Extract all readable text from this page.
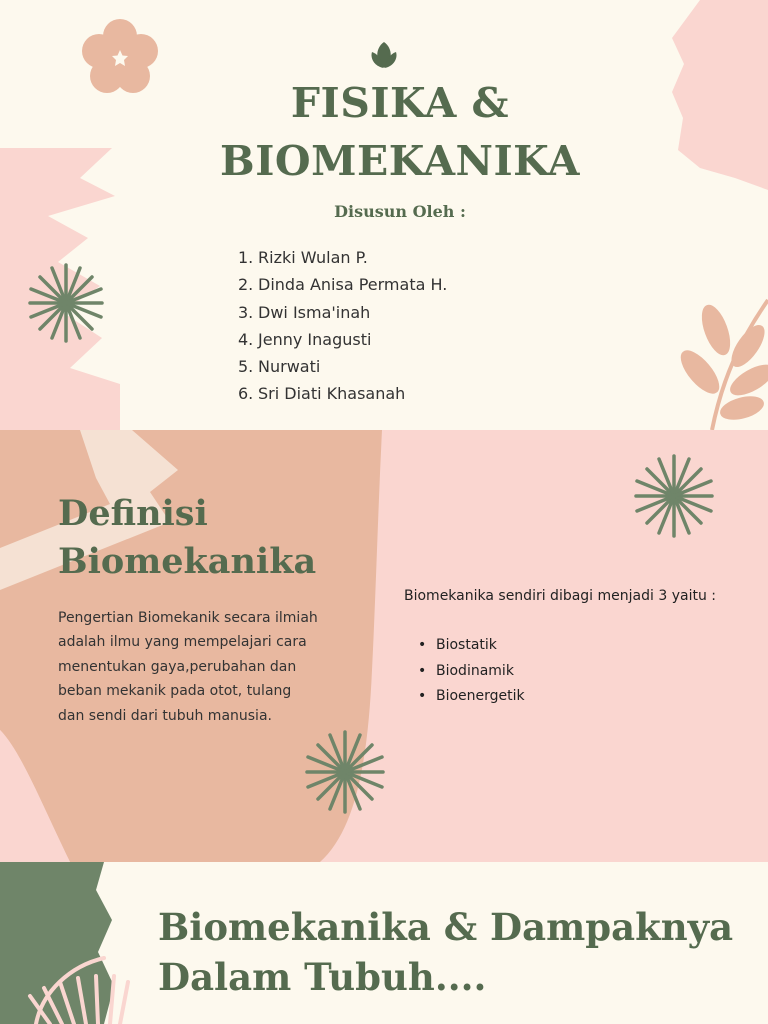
FISIKA &
BIOMEKANIKA
Disusun Oleh :
1. Rizki Wulan P.
2. Dinda Anisa Permata H.
3. Dwi Isma'inah
4. Jenny Inagusti
5. Nurwati
6. Sri Diati Khasanah
Definisi
Biomekanika
Pengertian Biomekanik secara ilmiah adalah ilmu yang mempelajari cara menentukan gaya,perubahan dan beban mekanik pada otot, tulang dan sendi dari tubuh manusia.
Biomekanika sendiri dibagi menjadi 3 yaitu :
• Biostatik
• Biodinamik
• Bioenergetik
Biomekanika & Dampaknya
Dalam Tubuh....
